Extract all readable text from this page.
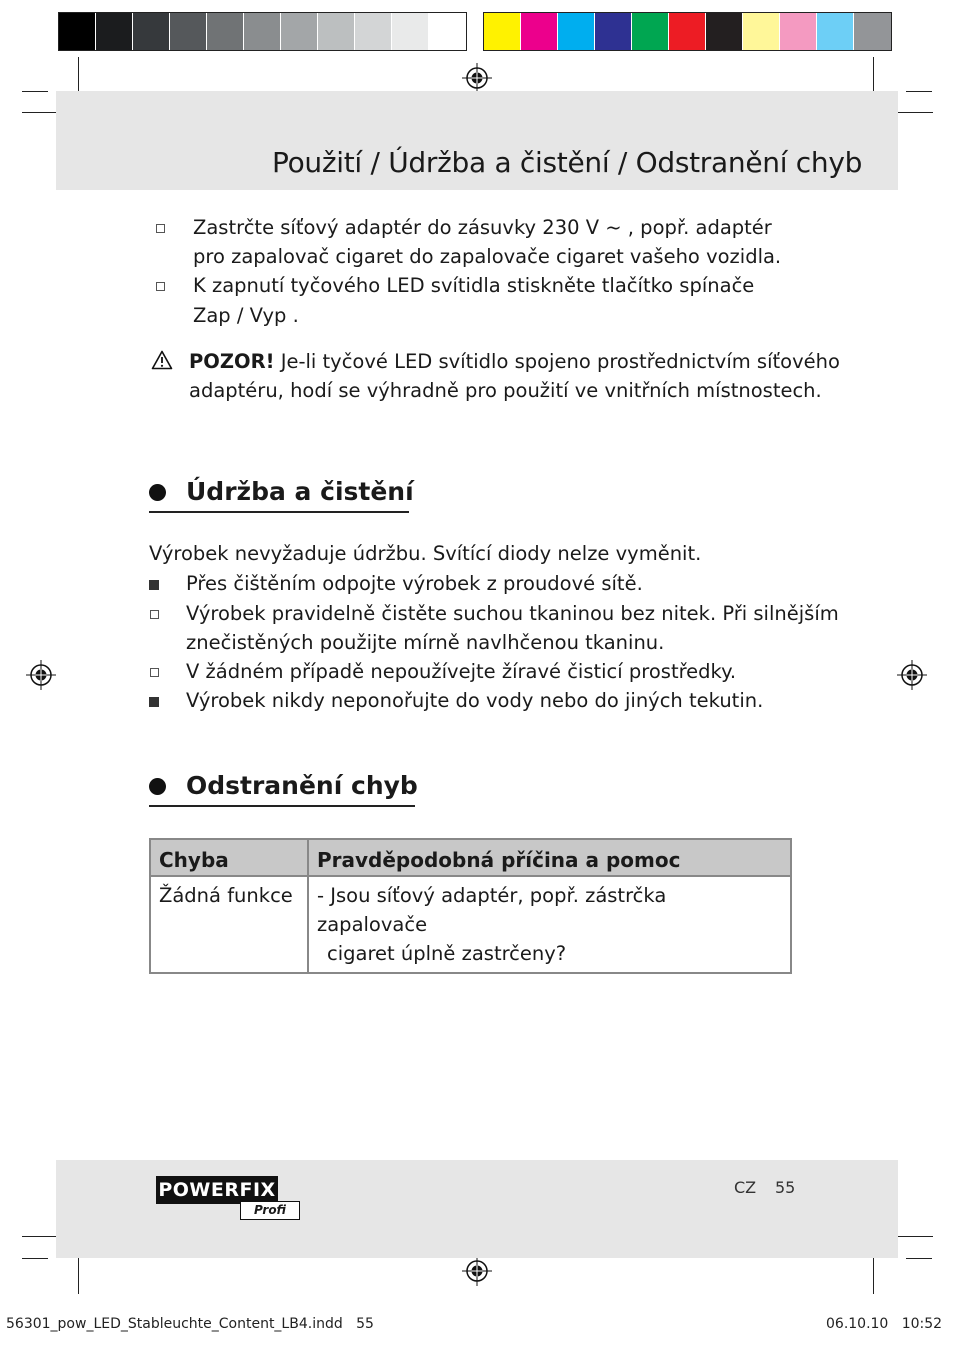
Použití / Údržba a čistění / Odstranění chyb
Zastrčte síťový adaptér do zásuvky 230 V ~ , popř. adaptér
pro zapalovač cigaret do zapalovače cigaret vašeho vozidla.
K zapnutí tyčového LED svítidla stiskněte tlačítko spínače
Zap / Vyp .
POZOR! Je-li tyčové LED svítidlo spojeno prostřednictvím síťového
adaptéru, hodí se výhradně pro použití ve vnitřních místnostech.
Údržba a čistění
Výrobek nevyžaduje údržbu. Svítící diody nelze vyměnit.
Přes čištěním odpojte výrobek z proudové sítě.
Výrobek pravidelně čistěte suchou tkaninou bez nitek. Při silnějším
znečistěných použijte mírně navlhčenou tkaninu.
V žádném případě nepoužívejte žíravé čisticí prostředky.
Výrobek nikdy neponořujte do vody nebo do jiných tekutin.
Odstranění chyb
Chyba	Pravděpodobná příčina a pomoc
Žádná funkce	- Jsou síťový adaptér, popř. zástrčka zapalovače
cigaret úplně zastrčeny?
POWERFIX
Profi
CZ 55
56301_pow_LED_Stableuchte_Content_LB4.indd   55	06.10.10   10:52
